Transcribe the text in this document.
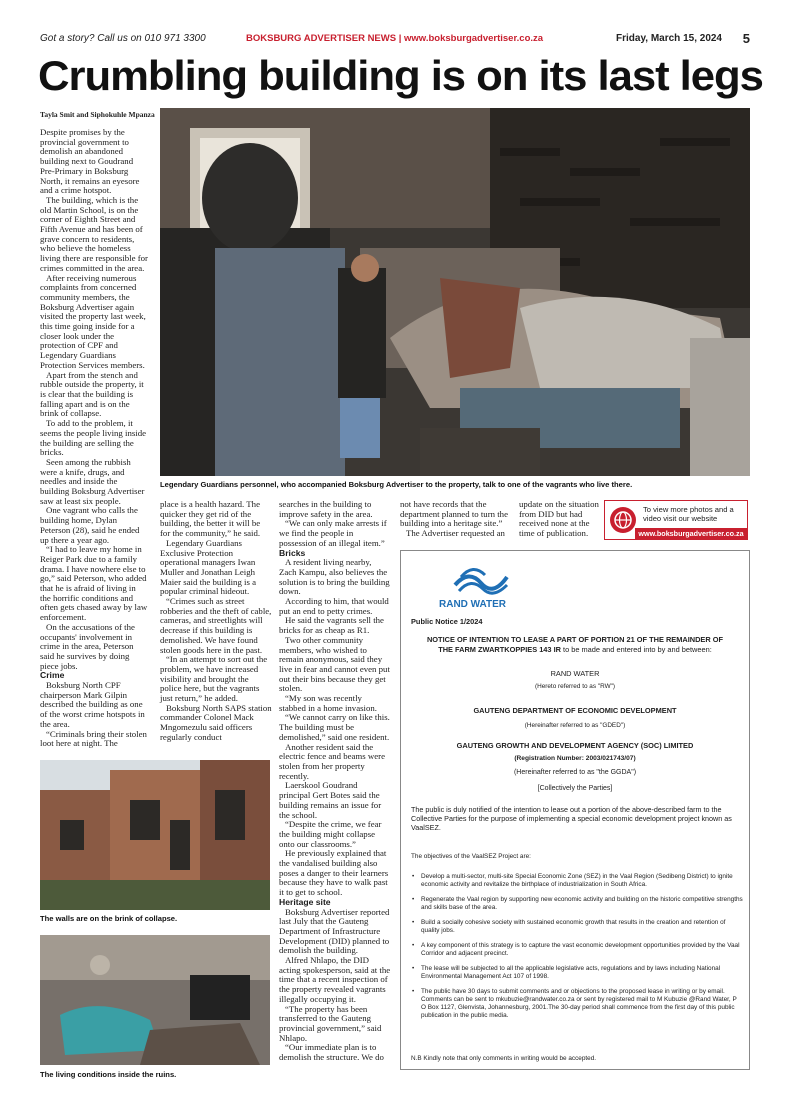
Got a story? Call us on 010 971 3300	BOKSBURG ADVERTISER NEWS | www.boksburgadvertiser.co.za	Friday, March 15, 2024 5
Crumbling building is on its last legs
Tayla Smit and Siphokuhle Mpanza

Despite promises by the provincial government to demolish an abandoned building next to Goudrand Pre-Primary in Boksburg North, it remains an eyesore and a crime hotspot.

The building, which is the old Martin School, is on the corner of Eighth Street and Fifth Avenue and has been of grave concern to residents, who believe the homeless living there are responsible for crimes committed in the area.

After receiving numerous complaints from concerned community members, the Boksburg Advertiser again visited the property last week, this time going inside for a closer look under the protection of CPF and Legendary Guardians Protection Services members.

Apart from the stench and rubble outside the property, it is clear that the building is falling apart and is on the brink of collapse.

To add to the problem, it seems the people living inside the building are selling the bricks.

Seen among the rubbish were a knife, drugs, and needles and inside the building Boksburg Advertiser saw at least six people.

One vagrant who calls the building home, Dylan Peterson (28), said he ended up there a year ago.

“I had to leave my home in Reiger Park due to a family drama. I have nowhere else to go,” said Peterson, who added that he is afraid of living in the horrific conditions and often gets chased away by law enforcement.

On the accusations of the occupants' involvement in crime in the area, Peterson said he survives by doing piece jobs.

Crime

Boksburg North CPF chairperson Mark Gilpin described the building as one of the worst crime hotspots in the area.

“Criminals bring their stolen loot here at night. The

Legendary Guardians personnel, who accompanied Boksburg Advertiser to the property, talk to one of the vagrants who live there.

place is a health hazard. The quicker they get rid of the building, the better it will be for the community,” he said.

Legendary Guardians Exclusive Protection operational managers Iwan Muller and Jonathan Leigh Maier said the building is a popular criminal hideout.

“Crimes such as street robberies and the theft of cable, cameras, and streetlights will decrease if this building is demolished. We have found stolen goods here in the past.

“In an attempt to sort out the problem, we have increased visibility and brought the police here, but the vagrants just return,” he added.

Boksburg North SAPS station commander Colonel Mack Mngomezulu said officers regularly conduct

searches in the building to improve safety in the area.

“We can only make arrests if we find the people in possession of an illegal item.”

Bricks

A resident living nearby, Zach Kampu, also believes the solution is to bring the building down.

According to him, that would put an end to petty crimes.

He said the vagrants sell the bricks for as cheap as R1.

Two other community members, who wished to remain anonymous, said they live in fear and cannot even put out their bins because they get stolen.

“My son was recently stabbed in a home invasion.

“We cannot carry on like this. The building must be demolished,” said one resident.

Another resident said the electric fence and beams were stolen from her property recently.

Laerskool Goudrand principal Gert Botes said the building remains an issue for the school.

“Despite the crime, we fear the building might collapse onto our classrooms.”

He previously explained that the vandalised building also poses a danger to their learners because they have to walk past it to get to school.

Heritage site

Boksburg Advertiser reported last July that the Gauteng Department of Infrastructure Development (DID) planned to demolish the building.

Alfred Nhlapo, the DID acting spokesperson, said at the time that a recent inspection of the property revealed vagrants illegally occupying it.

“The property has been transferred to the Gauteng provincial government,” said Nhlapo.

“Our immediate plan is to demolish the structure. We do

not have records that the department planned to turn the building into a heritage site.”

The Advertiser requested an

update on the situation from DID but had received none at the time of publication.

The walls are on the brink of collapse.
The living conditions inside the ruins.
To view more photos and a
video visit our website
www.boksburgadvertiser.co.za
RAND WATER
Public Notice 1/2024
NOTICE OF INTENTION TO LEASE A PART OF PORTION 21 OF THE REMAINDER OF
THE FARM ZWARTKOPPIES 143 IR to be made and entered into by and between:
RAND WATER
(Hereto referred to as "RW")
GAUTENG DEPARTMENT OF ECONOMIC DEVELOPMENT
(Hereinafter referred to as "GDED")
GAUTENG GROWTH AND DEVELOPMENT AGENCY (SOC) LIMITED
(Registration Number: 2003/021743/07)
(Hereinafter referred to as "the GGDA")
[Collectively the Parties]
The public is duly notified of the intention to lease out a portion of the above-described farm to the Collective Parties for the purpose of implementing a special economic development project known as VaalSEZ.
The objectives of the VaalSEZ Project are:
• Develop a multi-sector, multi-site Special Economic Zone (SEZ) in the Vaal Region (Sedibeng District) to ignite economic activity and revitalize the birthplace of industrialization in South Africa.
• Regenerate the Vaal region by supporting new economic activity and building on the historic competitive strengths and skills base of the area.
• Build a socially cohesive society with sustained economic growth that results in the creation and retention of quality jobs.
• A key component of this strategy is to capture the vast economic development opportunities provided by the Vaal Corridor and adjacent precinct.
• The lease will be subjected to all the applicable legislative acts, regulations and by laws including National Environmental Management Act 107 of 1998.
• The public have 30 days to submit comments and or objections to the proposed lease in writing or by email. Comments can be sent to mkubuzie@randwater.co.za or sent by registered mail to M Kubuzie @Rand Water, P O Box 1127, Glenvista, Johannesburg, 2001.The 30-day period shall commence from the first day of this public publication in the public media.
N.B Kindly note that only comments in writing would be accepted.
